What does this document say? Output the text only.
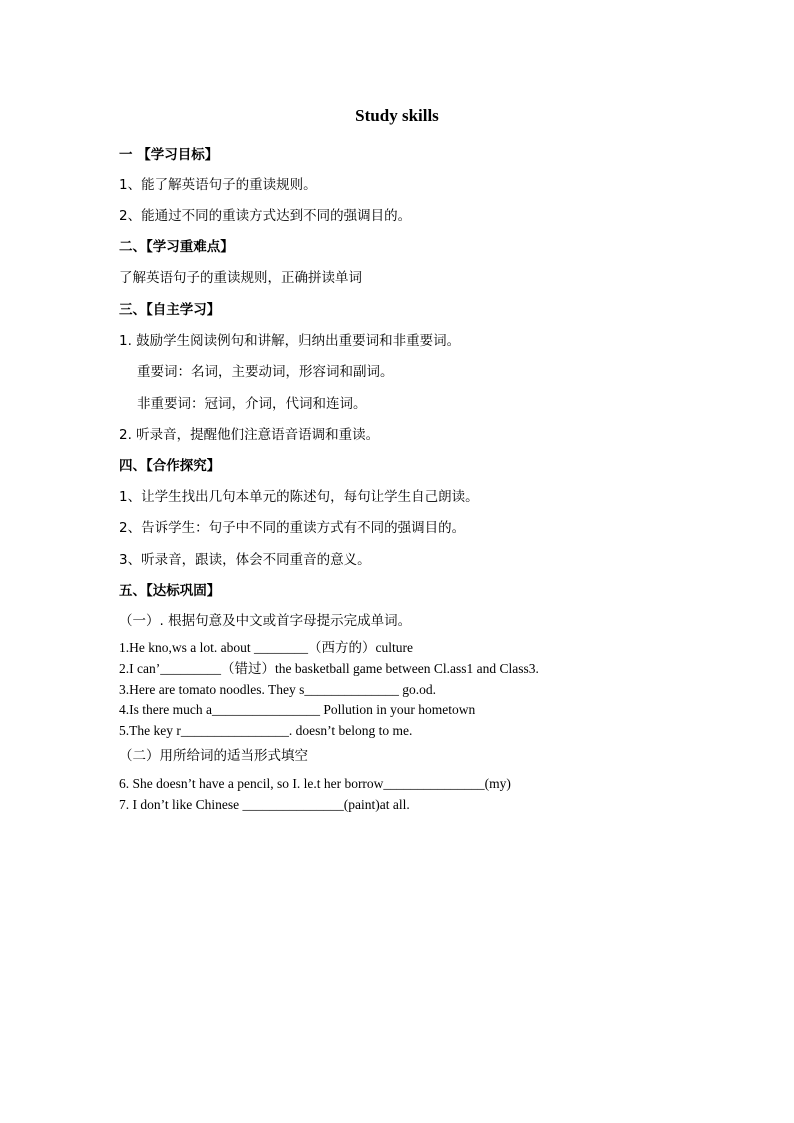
Study skills
一 【学习目标】
1、能了解英语句子的重读规则。
2、能通过不同的重读方式达到不同的强调目的。
二、【学习重难点】
了解英语句子的重读规则，正确拼读单词
三、【自主学习】
1. 鼓励学生阅读例句和讲解，归纳出重要词和非重要词。
重要词：名词，主要动词，形容词和副词。
非重要词：冠词，介词，代词和连词。
2. 听录音，提醒他们注意语音语调和重读。
四、【合作探究】
1、让学生找出几句本单元的陈述句，每句让学生自己朗读。
2、告诉学生：句子中不同的重读方式有不同的强调目的。
3、听录音，跟读，体会不同重音的意义。
五、【达标巩固】
（一）. 根据句意及中文或首字母提示完成单词。
1.He kno,ws a lot. about ________（西方的）culture
2.I can’_________（错过）the basketball game between Cl.ass1 and Class3.
3.Here are tomato noodles. They s______________ go.od.
4.Is there much a________________ Pollution in your hometown
5.The key r________________. doesn’t belong to me.
（二）用所给词的适当形式填空
6. She doesn’t have a pencil, so I. le.t her borrow_______________(my)
7. I don’t like Chinese _______________(paint)at all.
